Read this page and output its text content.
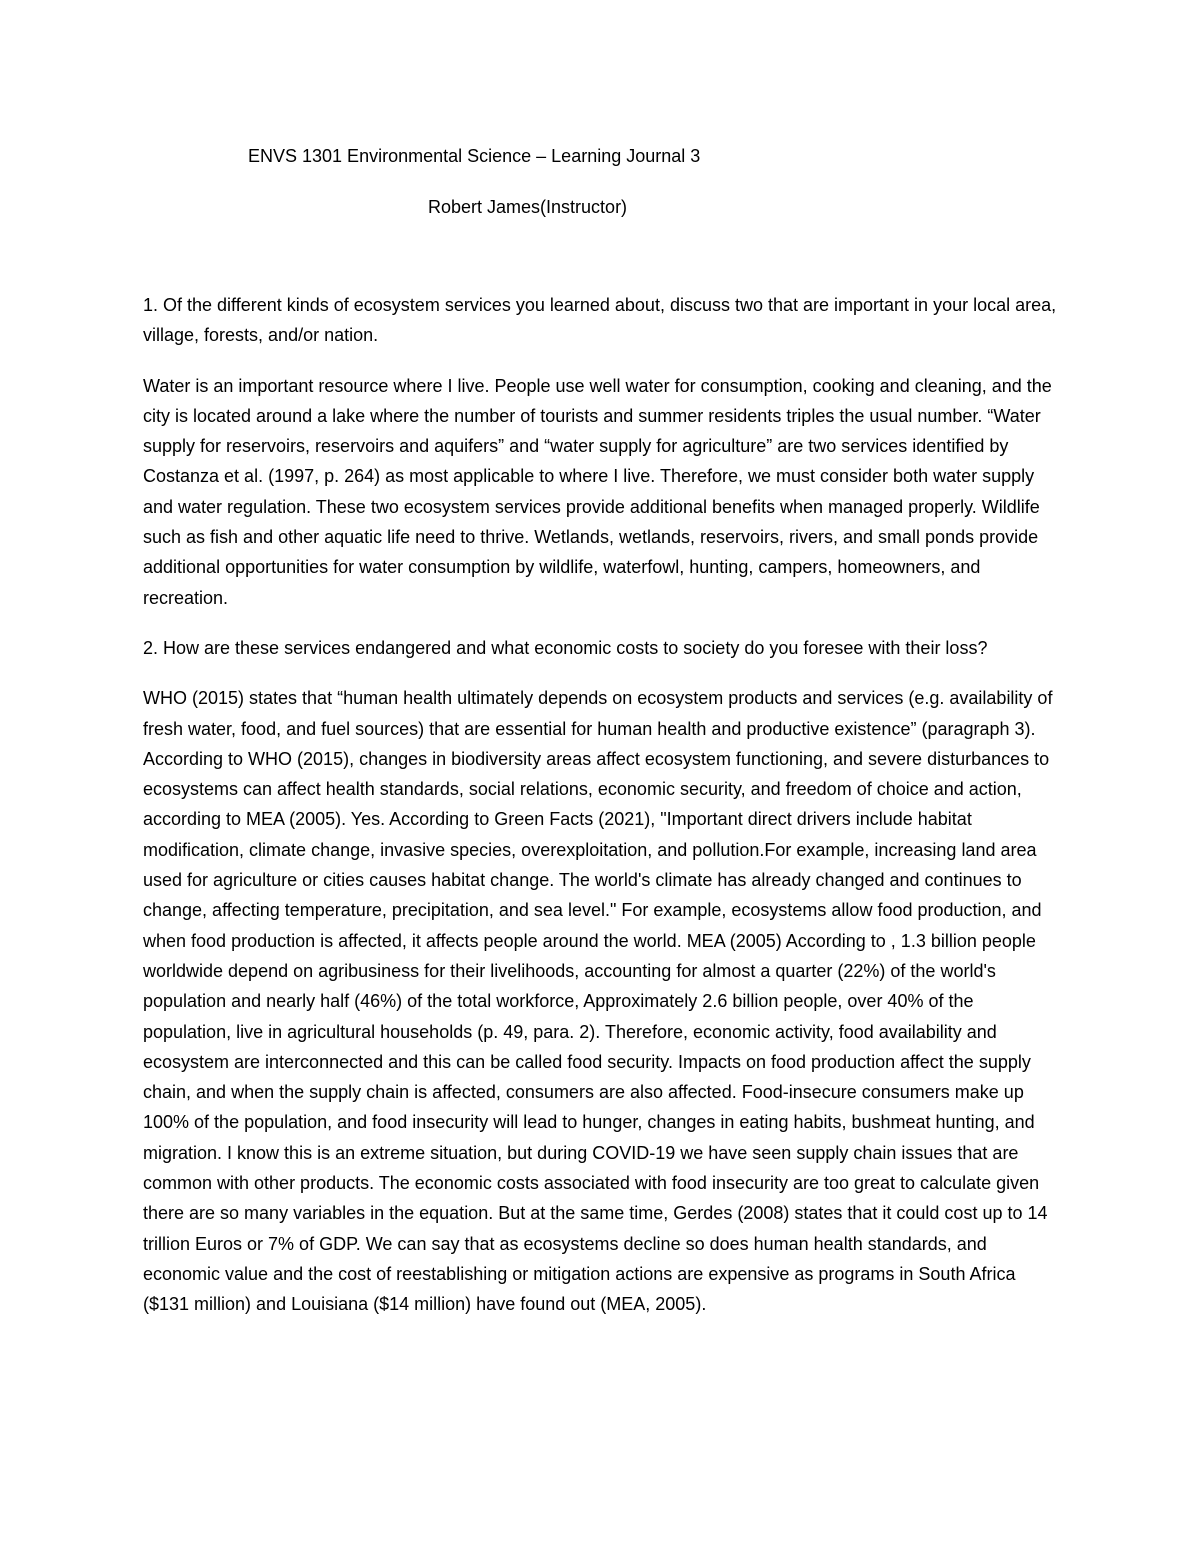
ENVS 1301 Environmental Science – Learning Journal 3
Robert James(Instructor)

1. Of the different kinds of ecosystem services you learned about, discuss two that are important in your local area, village, forests, and/or nation.

Water is an important resource where I live. People use well water for consumption, cooking and cleaning, and the city is located around a lake where the number of tourists and summer residents triples the usual number. “Water supply for reservoirs, reservoirs and aquifers” and “water supply for agriculture” are two services identified by Costanza et al. (1997, p. 264) as most applicable to where I live. Therefore, we must consider both water supply and water regulation. These two ecosystem services provide additional benefits when managed properly. Wildlife such as fish and other aquatic life need to thrive. Wetlands, wetlands, reservoirs, rivers, and small ponds provide additional opportunities for water consumption by wildlife, waterfowl, hunting, campers, homeowners, and recreation.

2. How are these services endangered and what economic costs to society do you foresee with their loss?

WHO (2015) states that “human health ultimately depends on ecosystem products and services (e.g. availability of fresh water, food, and fuel sources) that are essential for human health and productive existence” (paragraph 3). According to WHO (2015), changes in biodiversity areas affect ecosystem functioning, and severe disturbances to ecosystems can affect health standards, social relations, economic security, and freedom of choice and action, according to MEA (2005). Yes. According to Green Facts (2021), "Important direct drivers include habitat modification, climate change, invasive species, overexploitation, and pollution.For example, increasing land area used for agriculture or cities causes habitat change. The world's climate has already changed and continues to change, affecting temperature, precipitation, and sea level." For example, ecosystems allow food production, and when food production is affected, it affects people around the world. MEA (2005) According to , 1.3 billion people worldwide depend on agribusiness for their livelihoods, accounting for almost a quarter (22%) of the world's population and nearly half (46%) of the total workforce, Approximately 2.6 billion people, over 40% of the population, live in agricultural households (p. 49, para. 2). Therefore, economic activity, food availability and ecosystem are interconnected and this can be called food security. Impacts on food production affect the supply chain, and when the supply chain is affected, consumers are also affected. Food-insecure consumers make up 100% of the population, and food insecurity will lead to hunger, changes in eating habits, bushmeat hunting, and migration. I know this is an extreme situation, but during COVID-19 we have seen supply chain issues that are common with other products. The economic costs associated with food insecurity are too great to calculate given there are so many variables in the equation. But at the same time, Gerdes (2008) states that it could cost up to 14 trillion Euros or 7% of GDP. We can say that as ecosystems decline so does human health standards, and economic value and the cost of reestablishing or mitigation actions are expensive as programs in South Africa ($131 million) and Louisiana ($14 million) have found out (MEA, 2005).
